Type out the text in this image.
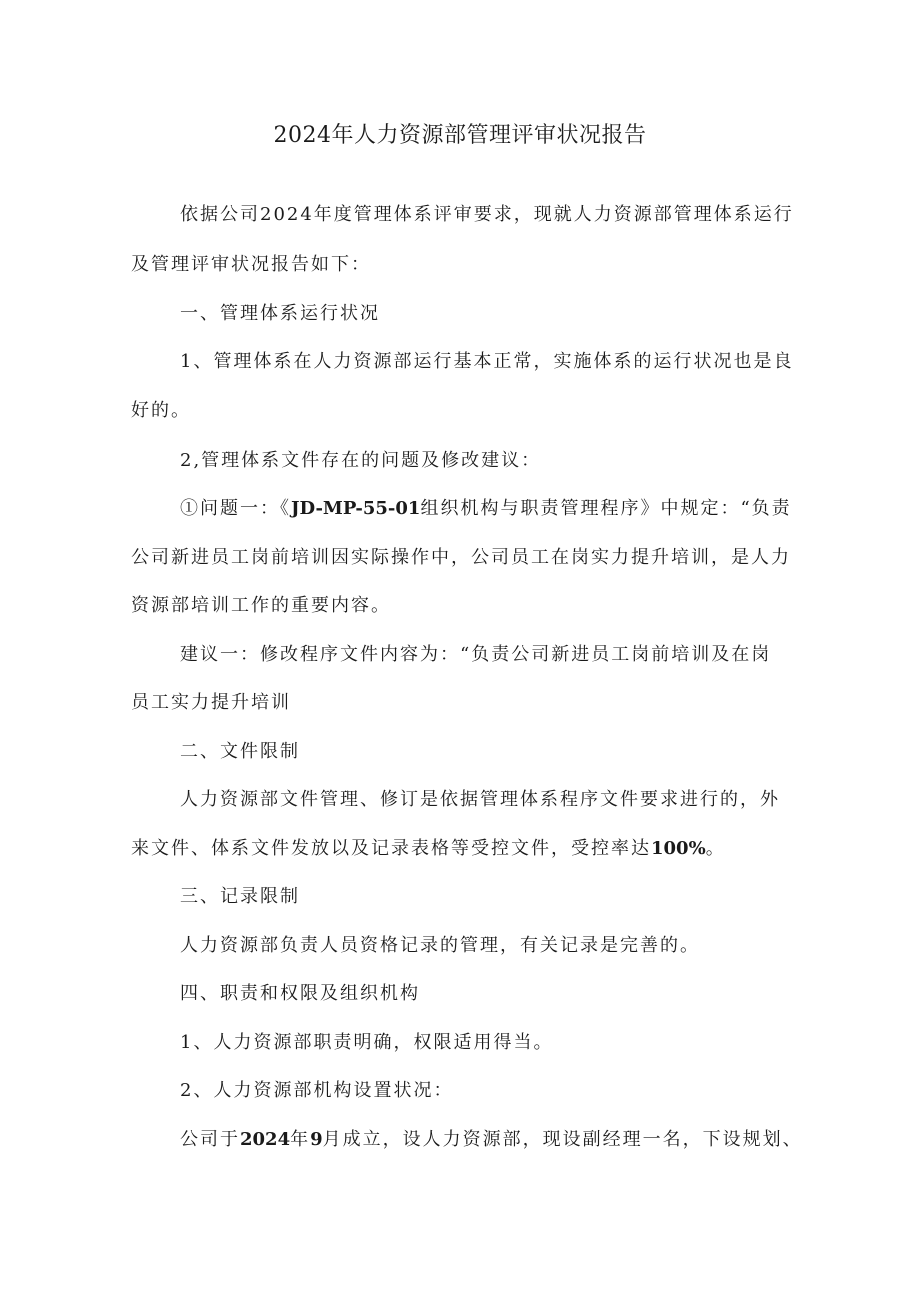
2024年人力资源部管理评审状况报告

依据公司2024年度管理体系评审要求，现就人力资源部管理体系运行

及管理评审状况报告如下：

一、管理体系运行状况

1、管理体系在人力资源部运行基本正常，实施体系的运行状况也是良

好的。

2,管理体系文件存在的问题及修改建议：

①问题一：《JD-MP-55-01组织机构与职责管理程序》中规定：“负责

公司新进员工岗前培训因实际操作中，公司员工在岗实力提升培训，是人力

资源部培训工作的重要内容。

建议一：修改程序文件内容为：“负责公司新进员工岗前培训及在岗

员工实力提升培训

二、文件限制

人力资源部文件管理、修订是依据管理体系程序文件要求进行的，外

来文件、体系文件发放以及记录表格等受控文件，受控率达100%。

三、记录限制

人力资源部负责人员资格记录的管理，有关记录是完善的。

四、职责和权限及组织机构

1、人力资源部职责明确，权限适用得当。

2、人力资源部机构设置状况：

公司于2024年9月成立，设人力资源部，现设副经理一名，下设规划、
